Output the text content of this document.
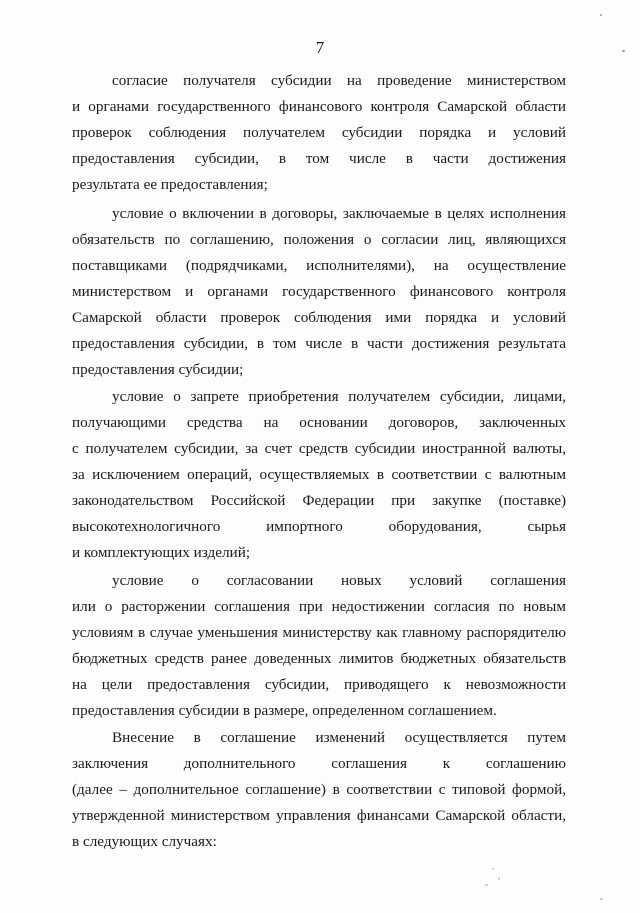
7
согласие получателя субсидии на проведение министерством
и органами государственного финансового контроля Самарской области
проверок соблюдения получателем субсидии порядка и условий
предоставления субсидии, в том числе в части достижения
результата ее предоставления;
условие о включении в договоры, заключаемые в целях исполнения
обязательств по соглашению, положения о согласии лиц, являющихся
поставщиками (подрядчиками, исполнителями), на осуществление
министерством и органами государственного финансового контроля
Самарской области проверок соблюдения ими порядка и условий
предоставления субсидии, в том числе в части достижения результата
предоставления субсидии;
условие о запрете приобретения получателем субсидии, лицами,
получающими средства на основании договоров, заключенных
с получателем субсидии, за счет средств субсидии иностранной валюты,
за исключением операций, осуществляемых в соответствии с валютным
законодательством Российской Федерации при закупке (поставке)
высокотехнологичного импортного оборудования, сырья
и комплектующих изделий;
условие о согласовании новых условий соглашения
или о расторжении соглашения при недостижении согласия по новым
условиям в случае уменьшения министерству как главному распорядителю
бюджетных средств ранее доведенных лимитов бюджетных обязательств
на цели предоставления субсидии, приводящего к невозможности
предоставления субсидии в размере, определенном соглашением.
Внесение в соглашение изменений осуществляется путем
заключения дополнительного соглашения к соглашению
(далее – дополнительное соглашение) в соответствии с типовой формой,
утвержденной министерством управления финансами Самарской области,
в следующих случаях:
